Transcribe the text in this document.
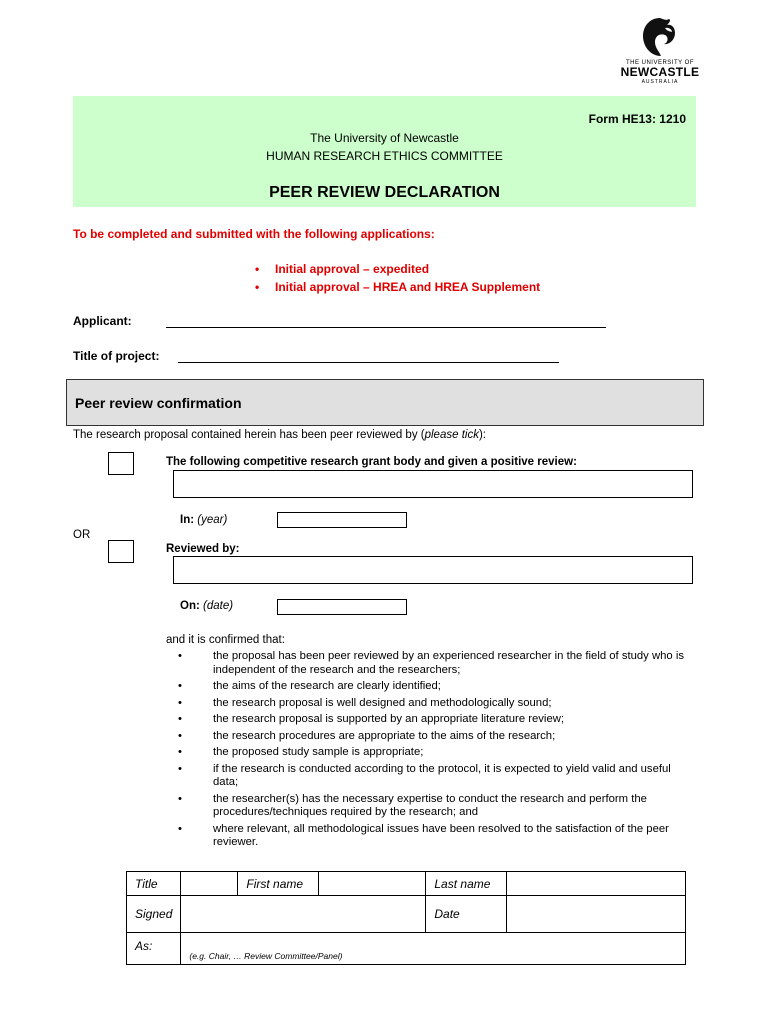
THE UNIVERSITY OF
NEWCASTLE
AUSTRALIA
Form HE13: 1210
The University of Newcastle
HUMAN RESEARCH ETHICS COMMITTEE
PEER REVIEW DECLARATION
To be completed and submitted with the following applications:
• Initial approval – expedited
• Initial approval – HREA and HREA Supplement
Applicant:
Title of project:
Peer review confirmation
The research proposal contained herein has been peer reviewed by (please tick):
The following competitive research grant body and given a positive review:
In: (year)
OR
Reviewed by:
On: (date)
and it is confirmed that:
•	the proposal has been peer reviewed by an experienced researcher in the field of study who is independent of the research and the researchers;
•	the aims of the research are clearly identified;
•	the research proposal is well designed and methodologically sound;
•	the research proposal is supported by an appropriate literature review;
•	the research procedures are appropriate to the aims of the research;
•	the proposed study sample is appropriate;
•	if the research is conducted according to the protocol, it is expected to yield valid and useful data;
•	the researcher(s) has the necessary expertise to conduct the research and perform the procedures/techniques required by the research; and
•	where relevant, all methodological issues have been resolved to the satisfaction of the peer reviewer.
Title		First name		Last name	
Signed				Date	
As:	(e.g. Chair, … Review Committee/Panel)				
